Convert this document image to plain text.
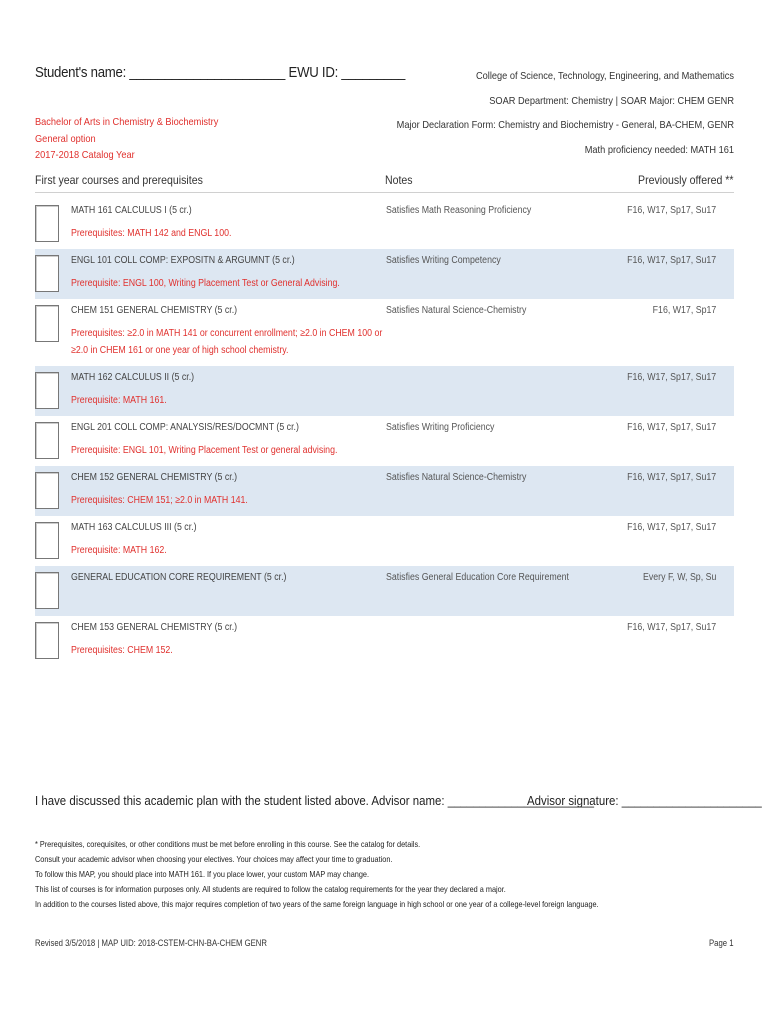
Student's name: ______________________ EWU ID: _________	College of Science, Technology, Engineering, and Mathematics
SOAR Department: Chemistry | SOAR Major: CHEM GENR
Major Declaration Form: Chemistry and Biochemistry - General, BA-CHEM, GENR
Math proficiency needed: MATH 161
Bachelor of Arts in Chemistry & Biochemistry
General option
2017-2018 Catalog Year
First year courses and prerequisites	Notes	Previously offered **
MATH 161 CALCULUS I (5 cr.)
Prerequisites: MATH 142 and ENGL 100.
Satisfies Math Reasoning Proficiency	F16, W17, Sp17, Su17
ENGL 101 COLL COMP: EXPOSITN & ARGUMNT (5 cr.)
Prerequisite: ENGL 100, Writing Placement Test or General Advising.
Satisfies Writing Competency	F16, W17, Sp17, Su17
CHEM 151 GENERAL CHEMISTRY (5 cr.)
Prerequisites: ≥2.0 in MATH 141 or concurrent enrollment; ≥2.0 in CHEM 100 or
≥2.0 in CHEM 161 or one year of high school chemistry.
Satisfies Natural Science-Chemistry	F16, W17, Sp17
MATH 162 CALCULUS II (5 cr.)
Prerequisite: MATH 161.
F16, W17, Sp17, Su17
ENGL 201 COLL COMP: ANALYSIS/RES/DOCMNT (5 cr.)
Prerequisite: ENGL 101, Writing Placement Test or general advising.
Satisfies Writing Proficiency	F16, W17, Sp17, Su17
CHEM 152 GENERAL CHEMISTRY (5 cr.)
Prerequisites: CHEM 151; ≥2.0 in MATH 141.
Satisfies Natural Science-Chemistry	F16, W17, Sp17, Su17
MATH 163 CALCULUS III (5 cr.)
Prerequisite: MATH 162.
F16, W17, Sp17, Su17
GENERAL EDUCATION CORE REQUIREMENT (5 cr.)	Satisfies General Education Core Requirement	Every F, W, Sp, Su
CHEM 153 GENERAL CHEMISTRY (5 cr.)
Prerequisites: CHEM 152.
F16, W17, Sp17, Su17
I have discussed this academic plan with the student listed above. Advisor name: _______________________
Advisor signature: ______________________
* Prerequisites, corequisites, or other conditions must be met before enrolling in this course. See the catalog for details.
Consult your academic advisor when choosing your electives. Your choices may affect your time to graduation.
To follow this MAP, you should place into MATH 161. If you place lower, your custom MAP may change.
This list of courses is for information purposes only. All students are required to follow the catalog requirements for the year they declared a major.
In addition to the courses listed above, this major requires completion of two years of the same foreign language in high school or one year of a college-level foreign language.
Revised 3/5/2018 | MAP UID: 2018-CSTEM-CHN-BA-CHEM GENR	Page 1
